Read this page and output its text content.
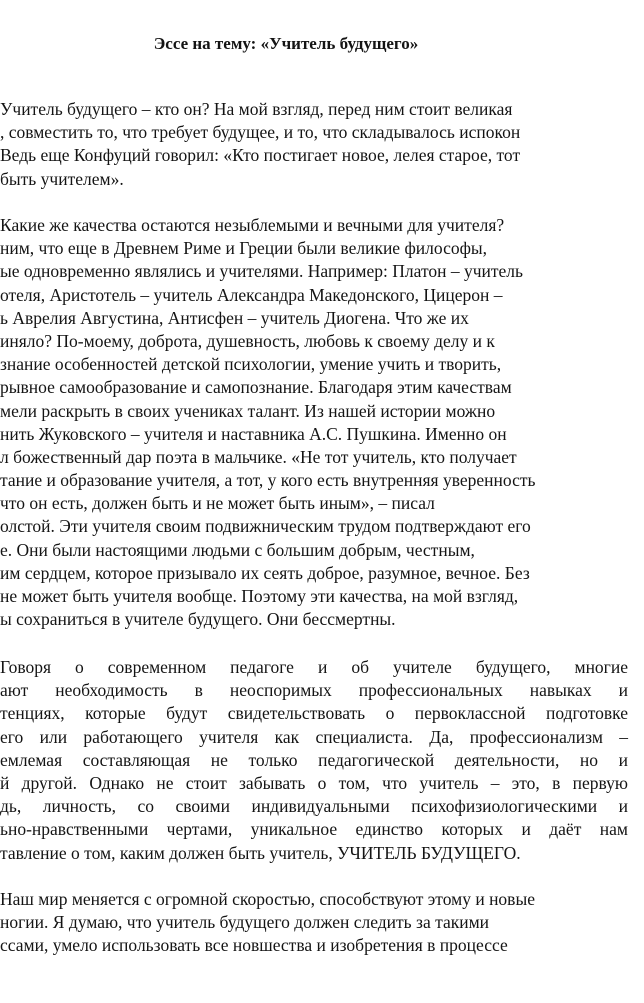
Эссе на тему: «Учитель будущего»
Учитель будущего – кто он? На мой взгляд, перед ним стоит великая
, совместить то, что требует будущее, и то, что складывалось испокон
Ведь еще Конфуций говорил: «Кто постигает новое, лелея старое, тот
быть учителем».
Какие же качества остаются незыблемыми и вечными для учителя?
ним, что еще в Древнем Риме и Греции были великие философы,
ые одновременно являлись и учителями. Например: Платон – учитель
отеля, Аристотель – учитель Александра Македонского, Цицерон –
ь Аврелия Августина, Антисфен – учитель Диогена. Что же их
иняло? По-моему, доброта, душевность, любовь к своему делу и к
знание особенностей детской психологии, умение учить и творить,
рывное самообразование и самопознание. Благодаря этим качествам
мели раскрыть в своих учениках талант. Из нашей истории можно
нить Жуковского – учителя и наставника А.С. Пушкина. Именно он
л божественный дар поэта в мальчике. «Не тот учитель, кто получает
тание и образование учителя, а тот, у кого есть внутренняя уверенность
что он есть, должен быть и не может быть иным», – писал
олстой. Эти учителя своим подвижническим трудом подтверждают его
е. Они были настоящими людьми с большим добрым, честным,
им сердцем, которое призывало их сеять доброе, разумное, вечное. Без
не может быть учителя вообще. Поэтому эти качества, на мой взгляд,
ы сохраниться в учителе будущего. Они бессмертны.
Говоря о современном педагоге и об учителе будущего, многие
ают необходимость в неоспоримых профессиональных навыках и
тенциях, которые будут свидетельствовать о первоклассной подготовке
его или работающего учителя как специалиста. Да, профессионализм –
емлемая составляющая не только педагогической деятельности, но и
й другой. Однако не стоит забывать о том, что учитель – это, в первую
дь, личность, со своими индивидуальными психофизиологическими и
ьно-нравственными чертами, уникальное единство которых и даёт нам
тавление о том, каким должен быть учитель, УЧИТЕЛЬ БУДУЩЕГО.
Наш мир меняется с огромной скоростью, способствуют этому и новые
ногии. Я думаю, что учитель будущего должен следить за такими
ссами, умело использовать все новшества и изобретения в процессе
